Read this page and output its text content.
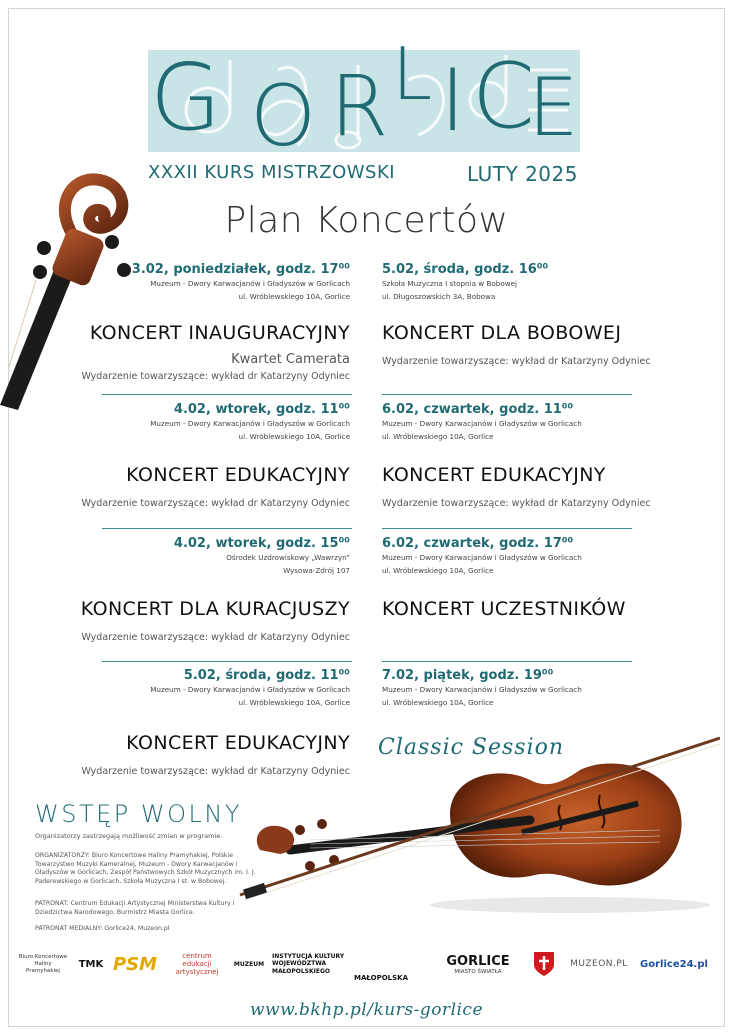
G O R L I C
E
XXXII KURS MISTRZOWSKI	LUTY 2025
Plan Koncertów
3.02, poniedziałek, godz. 17⁰⁰
Muzeum - Dwory Karwacjanów i Gładyszów w Gorlicach
ul. Wróblewskiego 10A, Gorlice
KONCERT INAUGURACYJNY
Kwartet Camerata
Wydarzenie towarzyszące: wykład dr Katarzyny Odyniec
4.02, wtorek, godz. 11⁰⁰
Muzeum - Dwory Karwacjanów i Gładyszów w Gorlicach
ul. Wróblewskiego 10A, Gorlice
KONCERT EDUKACYJNY
Wydarzenie towarzyszące: wykład dr Katarzyny Odyniec
4.02, wtorek, godz. 15⁰⁰
Ośrodek Uzdrowiskowy „Wawrzyn”
Wysowa-Zdrój 107
KONCERT DLA KURACJUSZY
Wydarzenie towarzyszące: wykład dr Katarzyny Odyniec
5.02, środa, godz. 11⁰⁰
Muzeum - Dwory Karwacjanów i Gładyszów w Gorlicach
ul. Wróblewskiego 10A, Gorlice
KONCERT EDUKACYJNY
Wydarzenie towarzyszące: wykład dr Katarzyny Odyniec
5.02, środa, godz. 16⁰⁰
Szkoła Muzyczna I stopnia w Bobowej
ul. Długoszowskich 3A, Bobowa
KONCERT DLA BOBOWEJ
Wydarzenie towarzyszące: wykład dr Katarzyny Odyniec
6.02, czwartek, godz. 11⁰⁰
Muzeum - Dwory Karwacjanów i Gładyszów w Gorlicach
ul. Wróblewskiego 10A, Gorlice
KONCERT EDUKACYJNY
Wydarzenie towarzyszące: wykład dr Katarzyny Odyniec
6.02, czwartek, godz. 17⁰⁰
Muzeum - Dwory Karwacjanów i Gładyszów w Gorlicach
ul. Wróblewskiego 10A, Gorlice
KONCERT UCZESTNIKÓW
7.02, piątek, godz. 19⁰⁰
Muzeum - Dwory Karwacjanów i Gładyszów w Gorlicach
ul. Wróblewskiego 10A, Gorlice
Classic Session
WSTĘP WOLNY
Organizatorzy zastrzegają możliwość zmian w programie.
ORGANIZATORZY: Biuro Koncertowe Haliny Pramyhakiej, Polskie Towarzystwo Muzyki Kameralnej, Muzeum - Dwory Karwacjanów i Gładyszów w Gorlicach, Zespół Państwowych Szkół Muzycznych im. I. J. Paderewskiego w Gorlicach, Szkoła Muzyczna I st. w Bobowej.
PATRONAT: Centrum Edukacji Artystycznej Ministerstwa Kultury i Dziedzictwa Narodowego, Burmistrz Miasta Gorlice.
PATRONAT MEDIALNY: Gorlice24, Muzeon.pl
Biuro Koncertowe Haliny Pramyhakiej
TMK PSM	centrum edukacji artystycznej
MUZEUM
INSTYTUCJA KULTURY WOJEWÓDZTWA MAŁOPOLSKIEGO
MAŁOPOLSKA
GORLICE
MIASTO ŚWIATŁA
MUZEON.PL	Gorlice24.pl
www.bkhp.pl/kurs-gorlice
